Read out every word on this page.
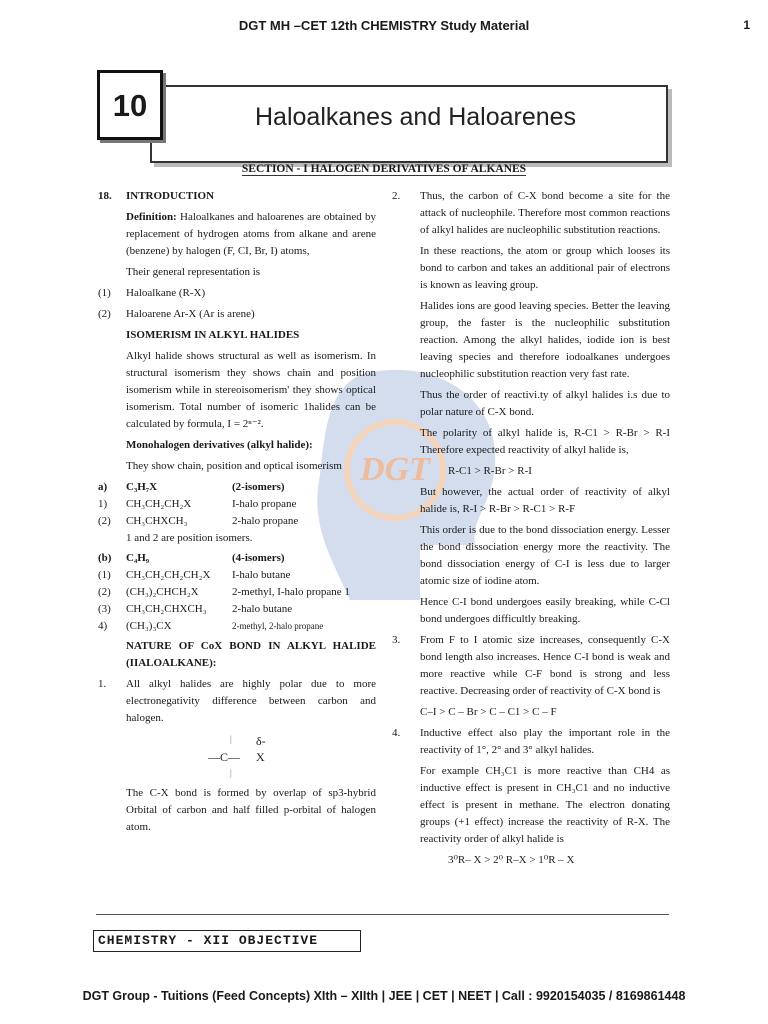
DGT MH –CET 12th CHEMISTRY Study Material	1
Haloalkanes and Haloarenes
10
SECTION - I HALOGEN DERIVATIVES OF ALKANES
DGT

18. INTRODUCTION

Definition: Haloalkanes and haloarenes are obtained by replacement of hydrogen atoms from alkane and arene (benzene) by halogen (F, CI, Br, I) atoms,

Their general representation is

(1) Haloalkane (R-X)

(2) Haloarene Ar-X (Ar is arene)

ISOMERISM IN ALKYL HALIDES

Alkyl halide shows structural as well as isomerism. In structural isomerism they shows chain and position isomerism while in stereoisomerism' they shows optical isomerism. Total number of isomeric 1halides can be calculated by formula, I = 2ⁿ⁻².

Monohalogen derivatives (alkyl halide):

They show chain, position and optical isomerism

a)	C₃H₇X	(2-isomers)
1)	CH₃CH₂CH₂X	I-halo propane
(2)	CH₃CHXCH₃	2-halo propane

1 and 2 are position isomers.

(b)	C₄H₉	(4-isomers)
(1)	CH₃CH₂CH₂CH₂X	I-halo butane
(2)	(CH₃)₂CHCH₂X	2-methyl, I-halo propane 1
(3)	CH₃CH₂CHXCH₃	2-halo butane
4)	(CH₃)₃CX	2-methyl, 2-halo propane

NATURE OF CoX BOND IN ALKYL HALIDE (IIALOALKANE):

1. All alkyl halides are highly polar due to more electronegativity difference between carbon and halogen.

| δ-
—C— X
|

The C-X bond is formed by overlap of sp3-hybrid Orbital of carbon and half filled p-orbital of halogen atom.

2. Thus, the carbon of C-X bond become a site for the attack of nucleophile. Therefore most common reactions of alkyl halides are nucleophilic substitution reactions.

In these reactions, the atom or group which looses its bond to carbon and takes an additional pair of electrons is known as leaving group.

Halides ions are good leaving species. Better the leaving group, the faster is the nucleophilic substitution reaction. Among the alkyl halides, iodide ion is best leaving species and therefore iodoalkanes undergoes nucleophilic substitution reaction very fast rate.

Thus the order of reactivi.ty of alkyl halides i.s due to polar nature of C-X bond.

The polarity of alkyl halide is, R-C1 > R-Br > R-I Therefore expected reactivity of alkyl halide is,

R-C1 > R-Br > R-I

But however, the actual order of reactivity of alkyl halide is, R-I > R-Br > R-C1 > R-F

This order is due to the bond dissociation energy. Lesser the bond dissociation energy more the reactivity. The bond dissociation energy of C-I is less due to larger atomic size of iodine atom.

Hence C-I bond undergoes easily breaking, while C-Cl bond undergoes difficultly breaking.

3. From F to I atomic size increases, consequently C-X bond length also increases. Hence C-I bond is weak and more reactive while C-F bond is strong and less reactive. Decreasing order of reactivity of C-X bond is

C–I > C – Br > C – C1 > C – F

4. Inductive effect also play the important role in the reactivity of 1°, 2° and 3° alkyl halides.

For example CH₃C1 is more reactive than CH4 as inductive effect is present in CH₃C1 and no inductive effect is present in methane. The electron donating groups (+1 effect) increase the reactivity of R-X. The reactivity order of alkyl halide is

3⁰R– X > 2⁰ R–X > 1⁰R – X

CHEMISTRY - XII OBJECTIVE
DGT Group - Tuitions (Feed Concepts) XIth – XIIth | JEE | CET | NEET | Call : 9920154035 / 8169861448
